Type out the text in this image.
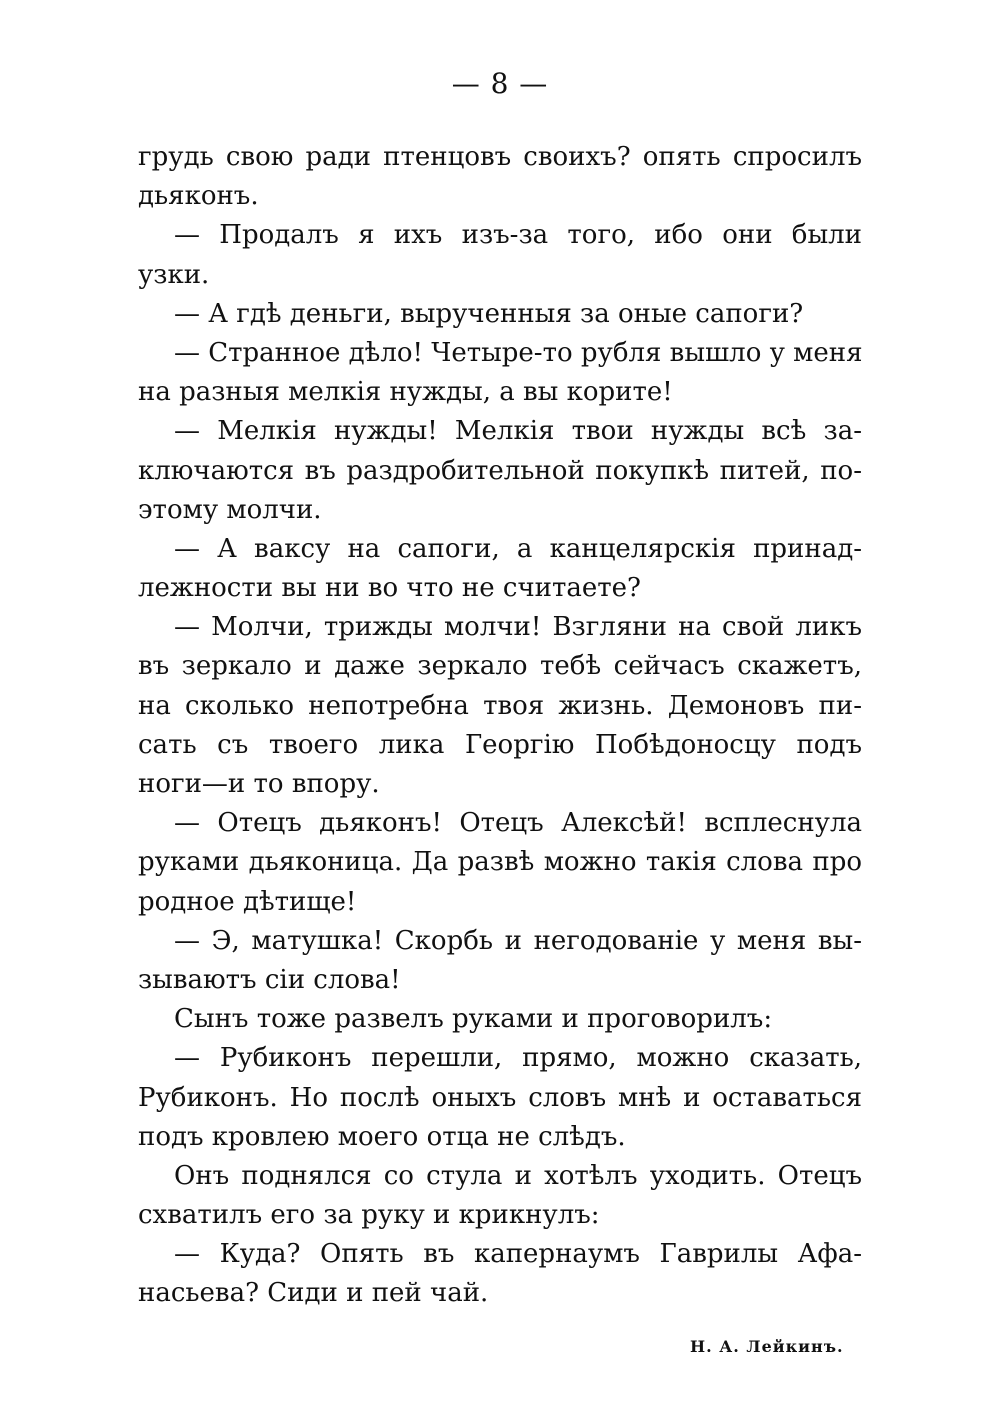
— 8 —
грудь свою ради птенцовъ своихъ? опять спросилъ
дьяконъ.
— Продалъ я ихъ изъ-за того, ибо они были
узки.
— А гдѣ деньги, вырученныя за оные сапоги?
— Странное дѣло! Четыре-то рубля вышло у меня
на разныя мелкія нужды, а вы корите!
— Мелкія нужды! Мелкія твои нужды всѣ за-
ключаются въ раздробительной покупкѣ питей, по-
этому молчи.
— А ваксу на сапоги, а канцелярскія принад-
лежности вы ни во что не считаете?
— Молчи, трижды молчи! Взгляни на свой ликъ
въ зеркало и даже зеркало тебѣ сейчасъ скажетъ,
на сколько непотребна твоя жизнь. Демоновъ пи-
сать съ твоего лика Георгію Побѣдоносцу подъ
ноги—и то впору.
— Отецъ дьяконъ! Отецъ Алексѣй! всплеснула
руками дьяконица. Да развѣ можно такія слова про
родное дѣтище!
— Э, матушка! Скорбь и негодованіе у меня вы-
зываютъ сіи слова!
Сынъ тоже развелъ руками и проговорилъ:
— Рубиконъ перешли, прямо, можно сказать,
Рубиконъ. Но послѣ оныхъ словъ мнѣ и оставаться
подъ кровлею моего отца не слѣдъ.
Онъ поднялся со стула и хотѣлъ уходить. Отецъ
схватилъ его за руку и крикнулъ:
— Куда? Опять въ капернаумъ Гаврилы Афа-
насьева? Сиди и пей чай.
Н. А. Лейкинъ.
